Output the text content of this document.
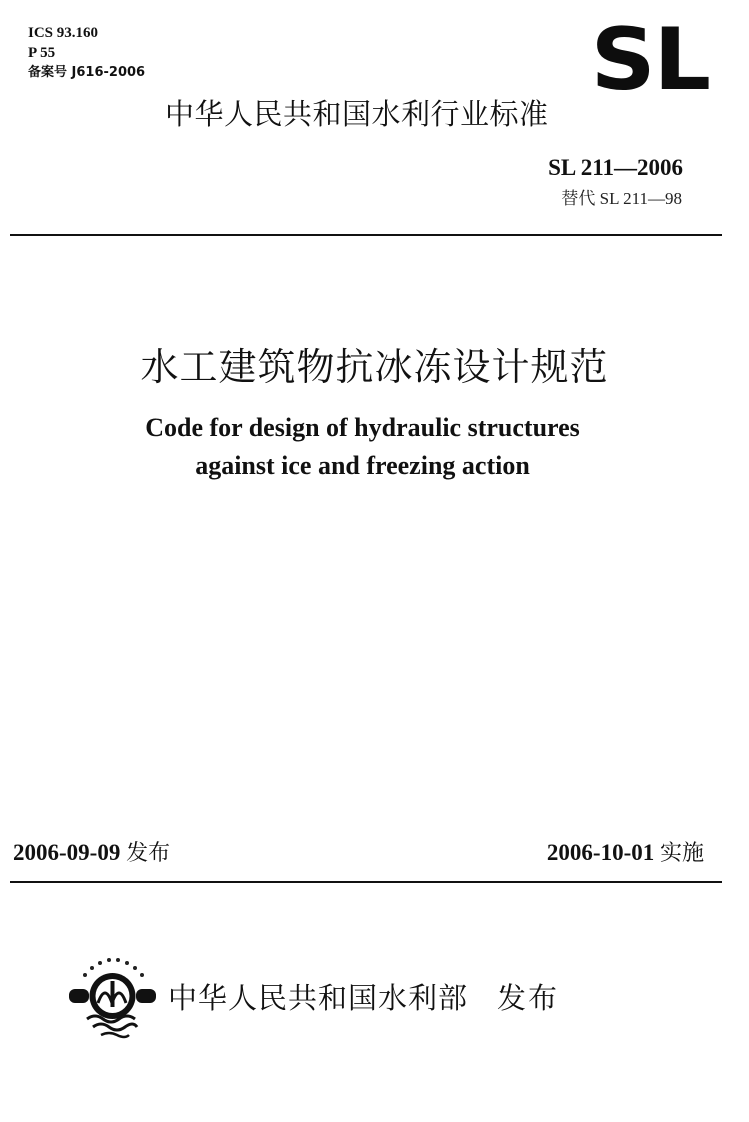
ICS 93.160
P 55
备案号 J616-2006	SL
中华人民共和国水利行业标准
SL 211—2006
替代 SL 211—98
水工建筑物抗冰冻设计规范
Code for design of hydraulic structures
against ice and freezing action
2006-09-09 发布	2006-10-01 实施
中华人民共和国水利部 发布
